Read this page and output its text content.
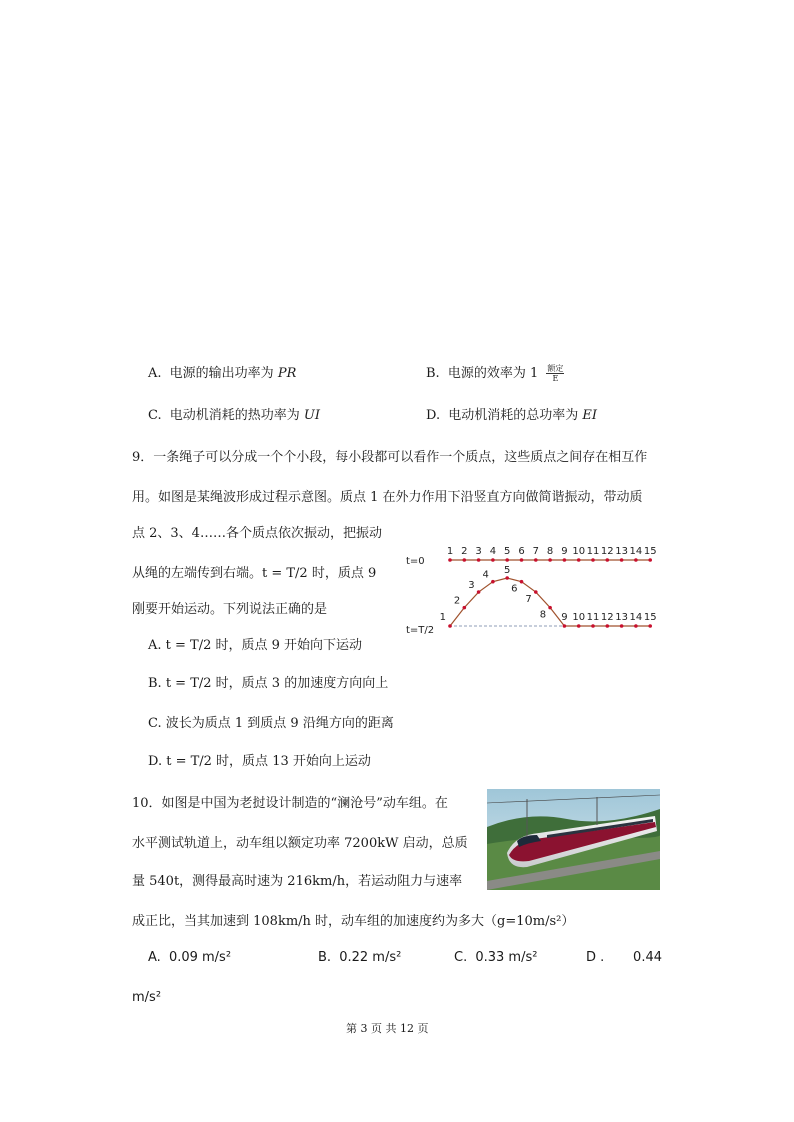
A. 电源的输出功率为 PR	B. 电源的效率为 $1 \frac{\text{额定}}{E}$
C. 电动机消耗的热功率为 UI	D. 电动机消耗的总功率为 EI
9．一条绳子可以分成一个个小段，每小段都可以看作一个质点，这些质点之间存在相互作
用。如图是某绳波形成过程示意图。质点 1 在外力作用下沿竖直方向做简谐振动，带动质
点 2、3、4……各个质点依次振动，把振动
从绳的左端传到右端。t = T/2 时，质点 9
刚要开始运动。下列说法正确的是
A. t = T/2 时，质点 9 开始向下运动
B. t = T/2 时，质点 3 的加速度方向向上
C. 波长为质点 1 到质点 9 沿绳方向的距离
D. t = T/2 时，质点 13 开始向上运动
t=0
t=T/2
1 2 3 4 5 6 7 8 9 10 11 12 13 14 15
1
2
3
4 5
6
7
8 9 10 11 12 13 14 15
10．如图是中国为老挝设计制造的“澜沧号”动车组。在
水平测试轨道上，动车组以额定功率 7200kW 启动，总质
量 540t，测得最高时速为 216km/h，若运动阻力与速率
成正比，当其加速到 108km/h 时，动车组的加速度约为多大（g=10m/s²）
A. 0.09 m/s²	B. 0.22 m/s²	C. 0.33 m/s²	D . 0.44
m/s²
第 3 页 共 12 页
